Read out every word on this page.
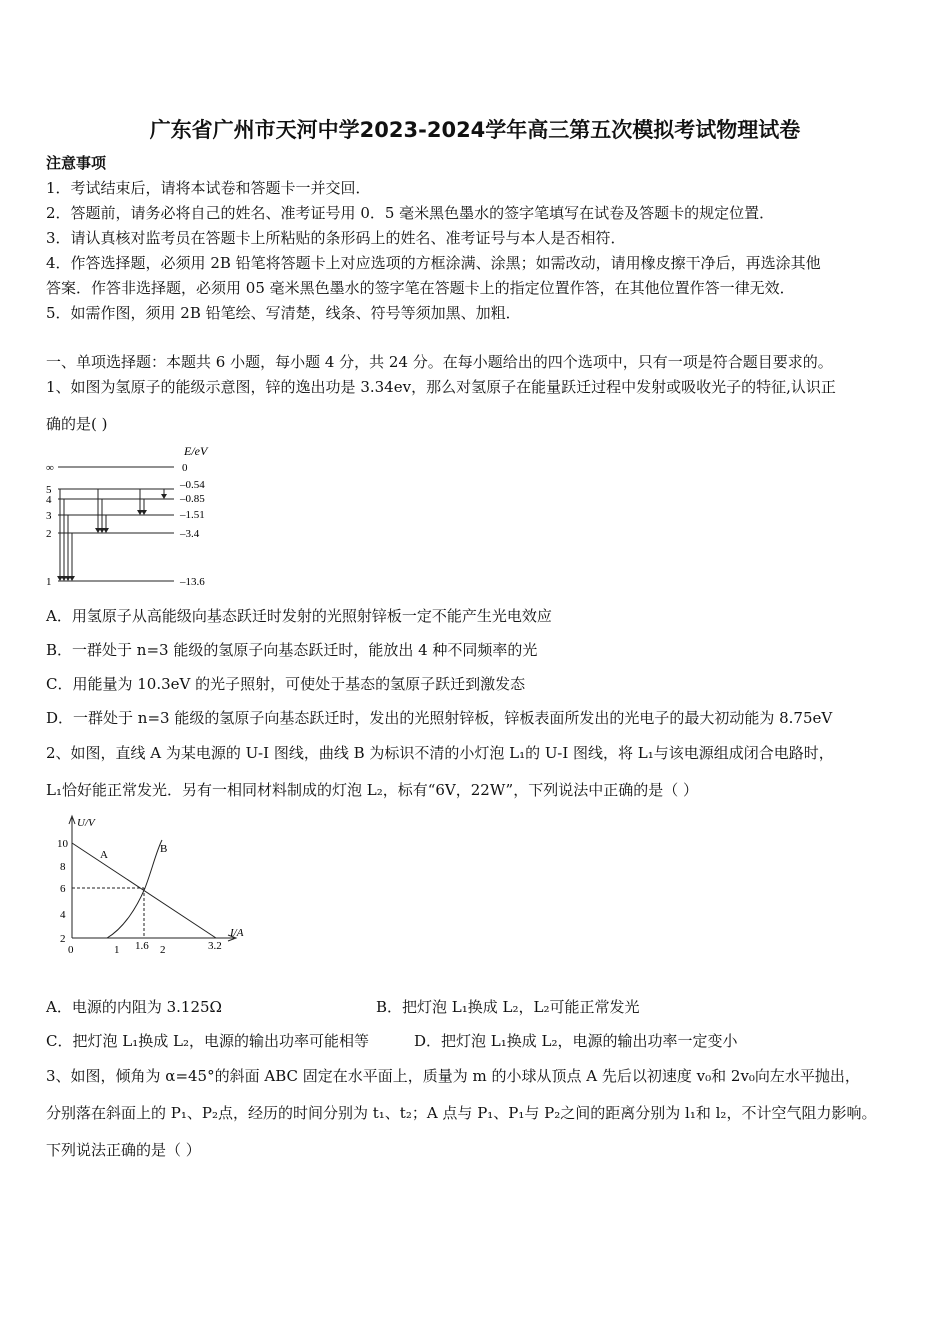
广东省广州市天河中学2023-2024学年高三第五次模拟考试物理试卷
注意事项
1．考试结束后，请将本试卷和答题卡一并交回．
2．答题前，请务必将自己的姓名、准考证号用 0．5 毫米黑色墨水的签字笔填写在试卷及答题卡的规定位置．
3．请认真核对监考员在答题卡上所粘贴的条形码上的姓名、准考证号与本人是否相符．
4．作答选择题，必须用 2B 铅笔将答题卡上对应选项的方框涂满、涂黑；如需改动，请用橡皮擦干净后，再选涂其他
答案．作答非选择题，必须用 05 毫米黑色墨水的签字笔在答题卡上的指定位置作答，在其他位置作答一律无效．
5．如需作图，须用 2B 铅笔绘、写清楚，线条、符号等须加黑、加粗．
一、单项选择题：本题共 6 小题，每小题 4 分，共 24 分。在每小题给出的四个选项中，只有一项是符合题目要求的。
1、如图为氢原子的能级示意图，锌的逸出功是 3.34ev，那么对氢原子在能量跃迁过程中发射或吸收光子的特征,认识正
确的是( )
E/eV
∞
5
4
3
2
1
0
–0.54
–0.85
–1.51
–3.4
–13.6
A．用氢原子从高能级向基态跃迁时发射的光照射锌板一定不能产生光电效应
B．一群处于 n=3 能级的氢原子向基态跃迁时，能放出 4 种不同频率的光
C．用能量为 10.3eV 的光子照射，可使处于基态的氢原子跃迁到激发态
D．一群处于 n=3 能级的氢原子向基态跃迁时，发出的光照射锌板，锌板表面所发出的光电子的最大初动能为 8.75eV
2、如图，直线 A 为某电源的 U-I 图线，曲线 B 为标识不清的小灯泡 L₁的 U-I 图线，将 L₁与该电源组成闭合电路时，
L₁恰好能正常发光．另有一相同材料制成的灯泡 L₂，标有“6V，22W”，下列说法中正确的是（ ）
U/V
I/A
10
8
6
4
2
0	1 1.6 2	3.2
A	B
A．电源的内阻为 3.125Ω	B．把灯泡 L₁换成 L₂，L₂可能正常发光
C．把灯泡 L₁换成 L₂，电源的输出功率可能相等	D．把灯泡 L₁换成 L₂，电源的输出功率一定变小
3、如图，倾角为 α=45°的斜面 ABC 固定在水平面上，质量为 m 的小球从顶点 A 先后以初速度 v₀和 2v₀向左水平抛出，
分别落在斜面上的 P₁、P₂点，经历的时间分别为 t₁、t₂；A 点与 P₁、P₁与 P₂之间的距离分别为 l₁和 l₂，不计空气阻力影响。
下列说法正确的是（ ）
